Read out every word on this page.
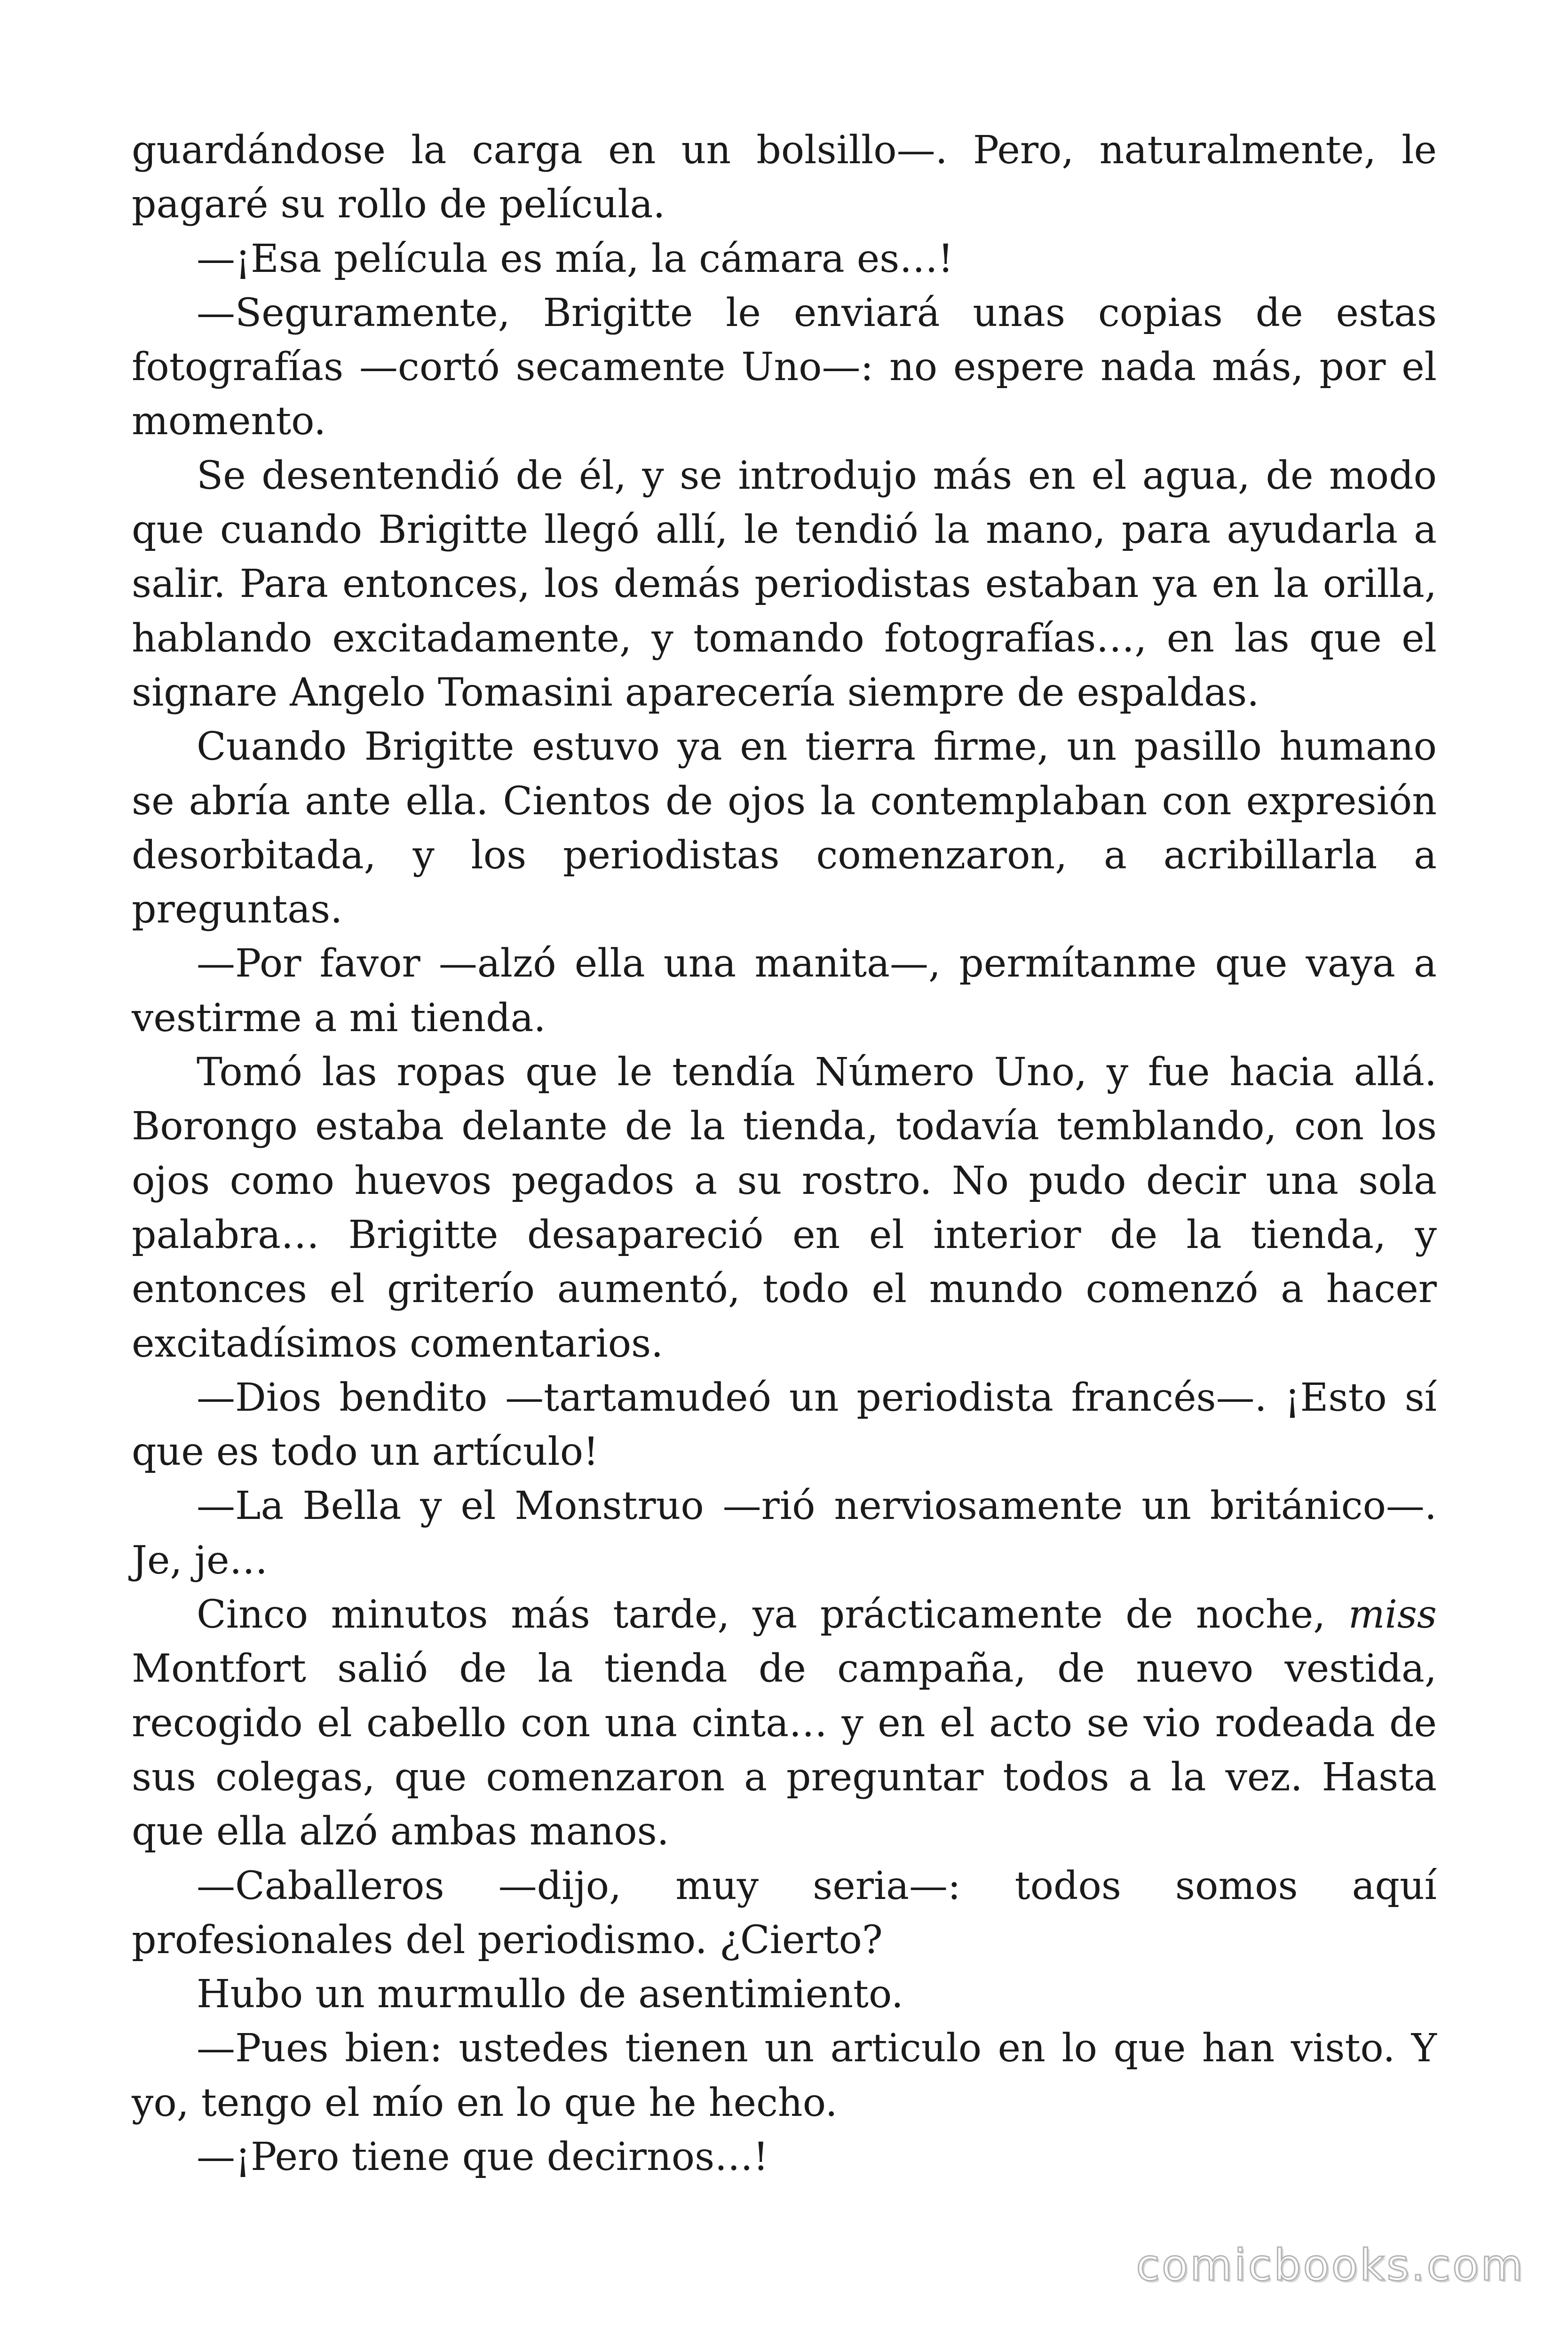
guardándose la carga en un bolsillo—. Pero, naturalmente, le pagaré su rollo de película.

—¡Esa película es mía, la cámara es…!

—Seguramente, Brigitte le enviará unas copias de estas fotografías —cortó secamente Uno—: no espere nada más, por el momento.

Se desentendió de él, y se introdujo más en el agua, de modo que cuando Brigitte llegó allí, le tendió la mano, para ayudarla a salir. Para entonces, los demás periodistas estaban ya en la orilla, hablando excitadamente, y tomando fotografías…, en las que el signare Angelo Tomasini aparecería siempre de espaldas.

Cuando Brigitte estuvo ya en tierra firme, un pasillo humano se abría ante ella. Cientos de ojos la contemplaban con expresión desorbitada, y los periodistas comenzaron, a acribillarla a preguntas.

—Por favor —alzó ella una manita—, permítanme que vaya a vestirme a mi tienda.

Tomó las ropas que le tendía Número Uno, y fue hacia allá. Borongo estaba delante de la tienda, todavía temblando, con los ojos como huevos pegados a su rostro. No pudo decir una sola palabra… Brigitte desapareció en el interior de la tienda, y entonces el griterío aumentó, todo el mundo comenzó a hacer excitadísimos comentarios.

—Dios bendito —tartamudeó un periodista francés—. ¡Esto sí que es todo un artículo!

—La Bella y el Monstruo —rió nerviosamente un británico—. Je, je…

Cinco minutos más tarde, ya prácticamente de noche, miss Montfort salió de la tienda de campaña, de nuevo vestida, recogido el cabello con una cinta… y en el acto se vio rodeada de sus colegas, que comenzaron a preguntar todos a la vez. Hasta que ella alzó ambas manos.

—Caballeros —dijo, muy seria—: todos somos aquí profesionales del periodismo. ¿Cierto?

Hubo un murmullo de asentimiento.

—Pues bien: ustedes tienen un articulo en lo que han visto. Y yo, tengo el mío en lo que he hecho.

—¡Pero tiene que decirnos…!

comicbooks.com
